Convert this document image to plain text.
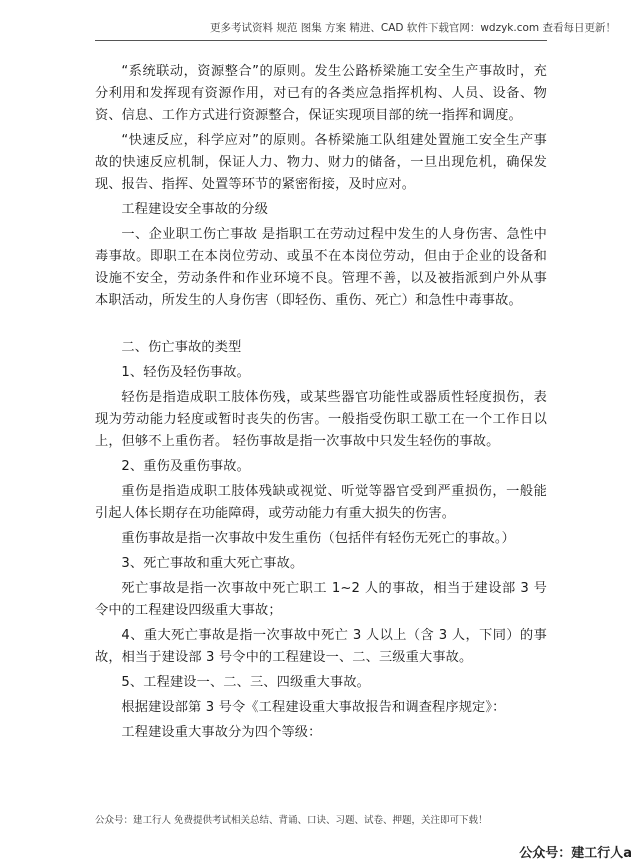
更多考试资料 规范 图集 方案 精进、CAD 软件下载官网：wdzyk.com 查看每日更新！

“系统联动，资源整合”的原则。发生公路桥梁施工安全生产事故时，充分利用和发挥现有资源作用，对已有的各类应急指挥机构、人员、设备、物资、信息、工作方式进行资源整合，保证实现项目部的统一指挥和调度。

“快速反应，科学应对”的原则。各桥梁施工队组建处置施工安全生产事故的快速反应机制，保证人力、物力、财力的储备，一旦出现危机，确保发现、报告、指挥、处置等环节的紧密衔接，及时应对。

工程建设安全事故的分级

一、企业职工伤亡事故 是指职工在劳动过程中发生的人身伤害、急性中毒事故。即职工在本岗位劳动、或虽不在本岗位劳动，但由于企业的设备和设施不安全，劳动条件和作业环境不良。管理不善，以及被指派到户外从事本职活动，所发生的人身伤害（即轻伤、重伤、死亡）和急性中毒事故。

二、伤亡事故的类型

1、轻伤及轻伤事故。

轻伤是指造成职工肢体伤残，或某些器官功能性或器质性轻度损伤，表现为劳动能力轻度或暂时丧失的伤害。一般指受伤职工歇工在一个工作日以上，但够不上重伤者。 轻伤事故是指一次事故中只发生轻伤的事故。

2、重伤及重伤事故。

重伤是指造成职工肢体残缺或视觉、听觉等器官受到严重损伤，一般能引起人体长期存在功能障碍，或劳动能力有重大损失的伤害。

重伤事故是指一次事故中发生重伤（包括伴有轻伤无死亡的事故。）

3、死亡事故和重大死亡事故。

死亡事故是指一次事故中死亡职工 1~2 人的事故，相当于建设部 3 号令中的工程建设四级重大事故；

4、重大死亡事故是指一次事故中死亡 3 人以上（含 3 人，下同）的事故，相当于建设部 3 号令中的工程建设一、二、三级重大事故。

5、工程建设一、二、三、四级重大事故。

根据建设部第 3 号令《工程建设重大事故报告和调查程序规定》：

工程建设重大事故分为四个等级：

公众号：建工行人 免费提供考试相关总结、背诵、口诀、习题、试卷、押题，关注即可下载！
公众号：建工行人a
